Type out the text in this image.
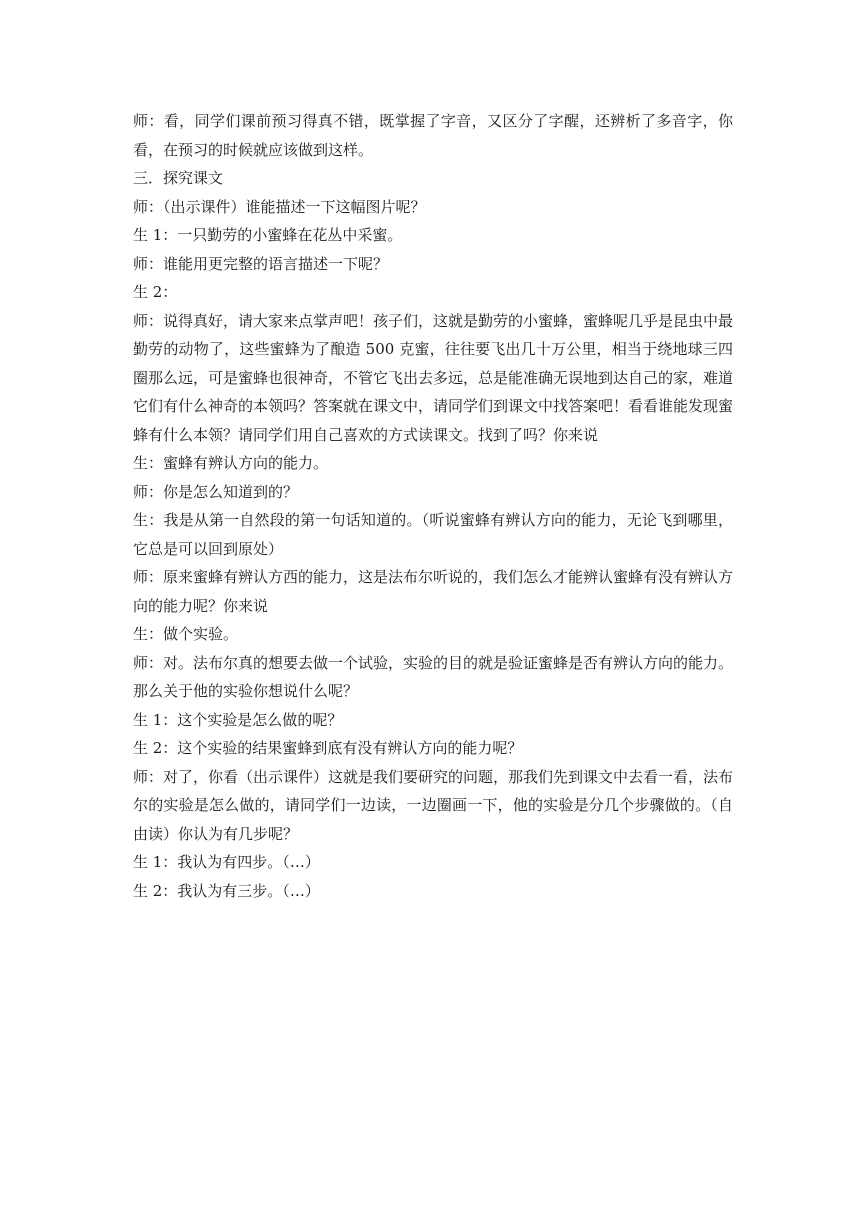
师：看，同学们课前预习得真不错，既掌握了字音，又区分了字醒，还辨析了多音字，你看，在预习的时候就应该做到这样。

三．探究课文

师：（出示课件）谁能描述一下这幅图片呢？

生 1：一只勤劳的小蜜蜂在花丛中采蜜。

师：谁能用更完整的语言描述一下呢？

生 2：

师：说得真好，请大家来点掌声吧！孩子们，这就是勤劳的小蜜蜂，蜜蜂呢几乎是昆虫中最勤劳的动物了，这些蜜蜂为了酿造 500 克蜜，往往要飞出几十万公里，相当于绕地球三四圈那么远，可是蜜蜂也很神奇，不管它飞出去多远，总是能准确无误地到达自己的家，难道它们有什么神奇的本领吗？答案就在课文中，请同学们到课文中找答案吧！看看谁能发现蜜蜂有什么本领？请同学们用自己喜欢的方式读课文。找到了吗？你来说

生：蜜蜂有辨认方向的能力。

师：你是怎么知道到的？

生：我是从第一自然段的第一句话知道的。（听说蜜蜂有辨认方向的能力，无论飞到哪里，它总是可以回到原处）

师：原来蜜蜂有辨认方西的能力，这是法布尔听说的，我们怎么才能辨认蜜蜂有没有辨认方向的能力呢？你来说

生：做个实验。

师：对。法布尔真的想要去做一个试验，实验的目的就是验证蜜蜂是否有辨认方向的能力。那么关于他的实验你想说什么呢？

生 1：这个实验是怎么做的呢？

生 2：这个实验的结果蜜蜂到底有没有辨认方向的能力呢？

师：对了，你看（出示课件）这就是我们要研究的问题，那我们先到课文中去看一看，法布尔的实验是怎么做的，请同学们一边读，一边圈画一下，他的实验是分几个步骤做的。（自由读）你认为有几步呢？

生 1：我认为有四步。（…）

生 2：我认为有三步。（…）
